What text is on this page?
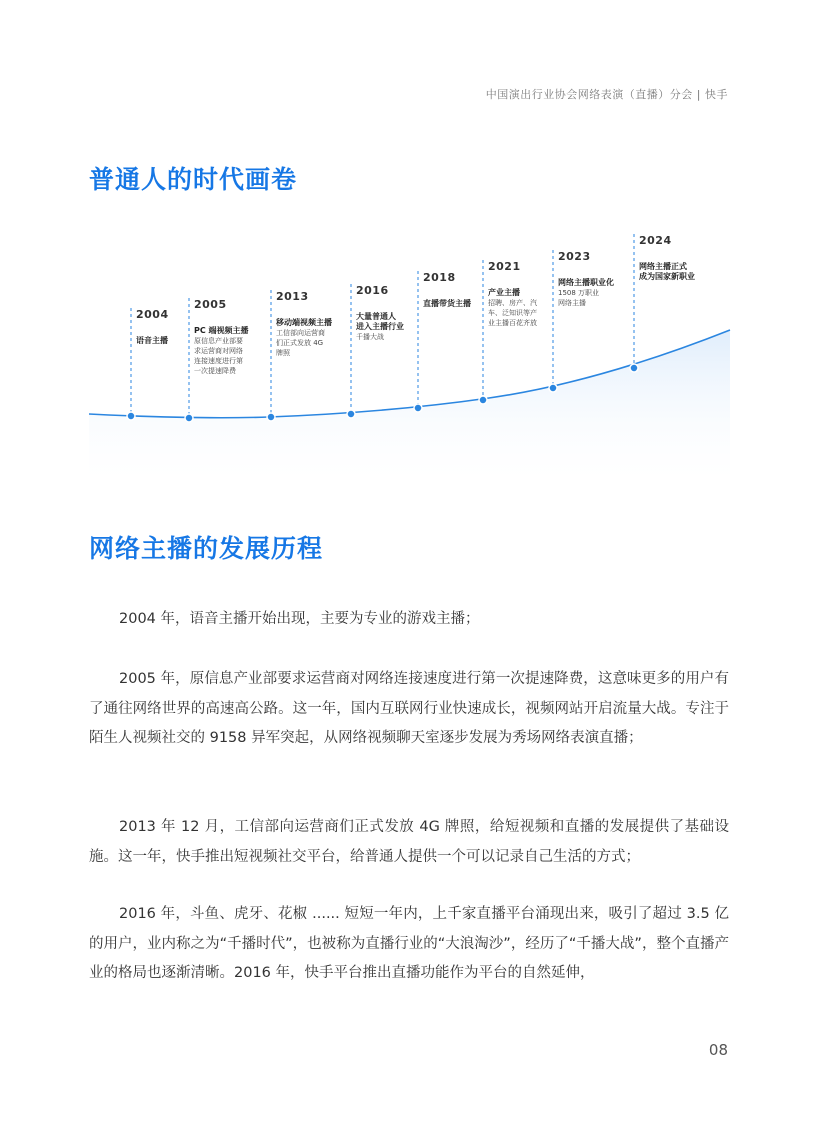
中国演出行业协会网络表演（直播）分会 | 快手
普通人的时代画卷
2004
语音主播
2005
PC 端视频主播
原信息产业部要
求运营商对网络
连接速度进行第
一次提速降费
2013
移动端视频主播
工信部向运营商
们正式发放 4G
牌照
2016
大量普通人
进入主播行业
千播大战
2018
直播带货主播
2021
产业主播
招聘、房产、汽
车、泛知识等产
业主播百花齐放
2023
网络主播职业化
1508 万职业
网络主播
2024
网络主播正式
成为国家新职业
网络主播的发展历程

2004 年，语音主播开始出现，主要为专业的游戏主播；

2005 年，原信息产业部要求运营商对网络连接速度进行第一次提速降费，这意味更多的用户有了通往网络世界的高速高公路。这一年，国内互联网行业快速成长，视频网站开启流量大战。专注于陌生人视频社交的 9158 异军突起，从网络视频聊天室逐步发展为秀场网络表演直播；

2013 年 12 月，工信部向运营商们正式发放 4G 牌照，给短视频和直播的发展提供了基础设施。这一年，快手推出短视频社交平台，给普通人提供一个可以记录自己生活的方式；

2016 年，斗鱼、虎牙、花椒 ...... 短短一年内，上千家直播平台涌现出来，吸引了超过 3.5 亿的用户，业内称之为“千播时代”，也被称为直播行业的“大浪淘沙”，经历了“千播大战”，整个直播产业的格局也逐渐清晰。2016 年，快手平台推出直播功能作为平台的自然延伸，

08
